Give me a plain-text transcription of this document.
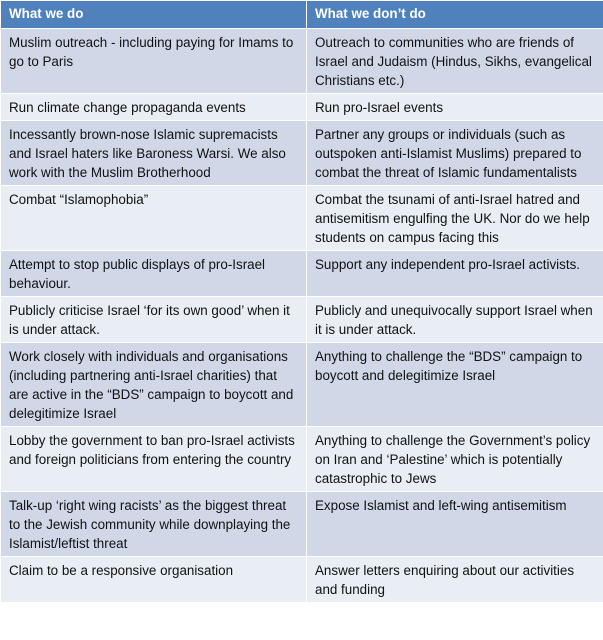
What we do	What we don’t do
Muslim outreach - including paying for Imams to go to Paris	Outreach to communities who are friends of Israel and Judaism (Hindus, Sikhs, evangelical Christians etc.)
Run climate change propaganda events	Run pro-Israel events
Incessantly brown-nose Islamic supremacists and Israel haters like Baroness Warsi. We also work with the Muslim Brotherhood	Partner any groups or individuals (such as outspoken anti-Islamist Muslims) prepared to combat the threat of Islamic fundamentalists
Combat “Islamophobia”	Combat the tsunami of anti-Israel hatred and antisemitism engulfing the UK. Nor do we help students on campus facing this
Attempt to stop public displays of pro-Israel behaviour.	Support any independent pro-Israel activists.
Publicly criticise Israel ‘for its own good’ when it is under attack.	Publicly and unequivocally support Israel when it is under attack.
Work closely with individuals and organisations (including partnering anti-Israel charities) that are active in the “BDS” campaign to boycott and delegitimize Israel	Anything to challenge the “BDS” campaign to boycott and delegitimize Israel
Lobby the government to ban pro-Israel activists and foreign politicians from entering the country	Anything to challenge the Government’s policy on Iran and ‘Palestine’ which is potentially catastrophic to Jews
Talk-up ‘right wing racists’ as the biggest threat to the Jewish community while downplaying the Islamist/leftist threat	Expose Islamist and left-wing antisemitism
Claim to be a responsive organisation	Answer letters enquiring about our activities and funding
